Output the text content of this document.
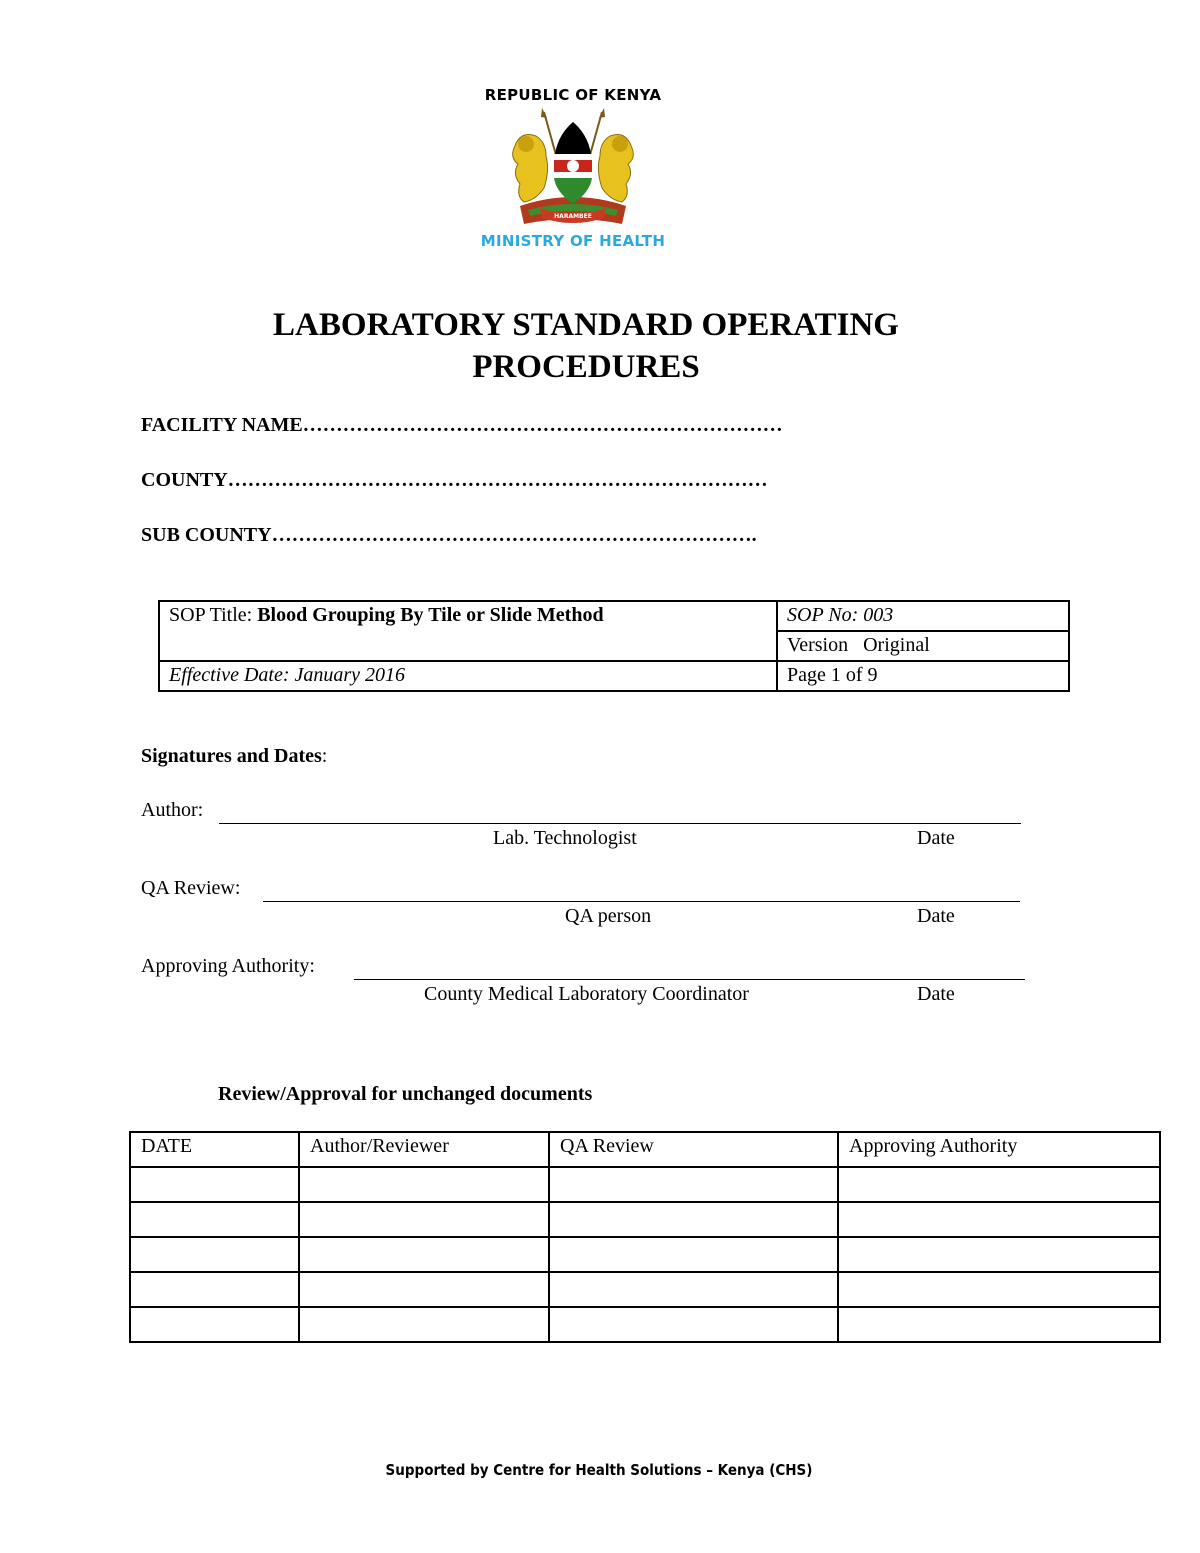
REPUBLIC OF KENYA
HARAMBEE
MINISTRY OF HEALTH
LABORATORY STANDARD OPERATING
PROCEDURES
FACILITY NAME………………………………………………………………
COUNTY………………………………………………………………………
SUB COUNTY……………………………………………………………….
SOP Title: Blood Grouping By Tile or Slide Method	SOP No: 003
	Version Original
Effective Date: January 2016	Page 1 of 9
Signatures and Dates:
Author:
Lab. Technologist	Date
QA Review:
QA person	Date
Approving Authority:
County Medical Laboratory Coordinator	Date
Review/Approval for unchanged documents
DATE	Author/Reviewer	QA Review	Approving Authority

Supported by Centre for Health Solutions – Kenya (CHS)
